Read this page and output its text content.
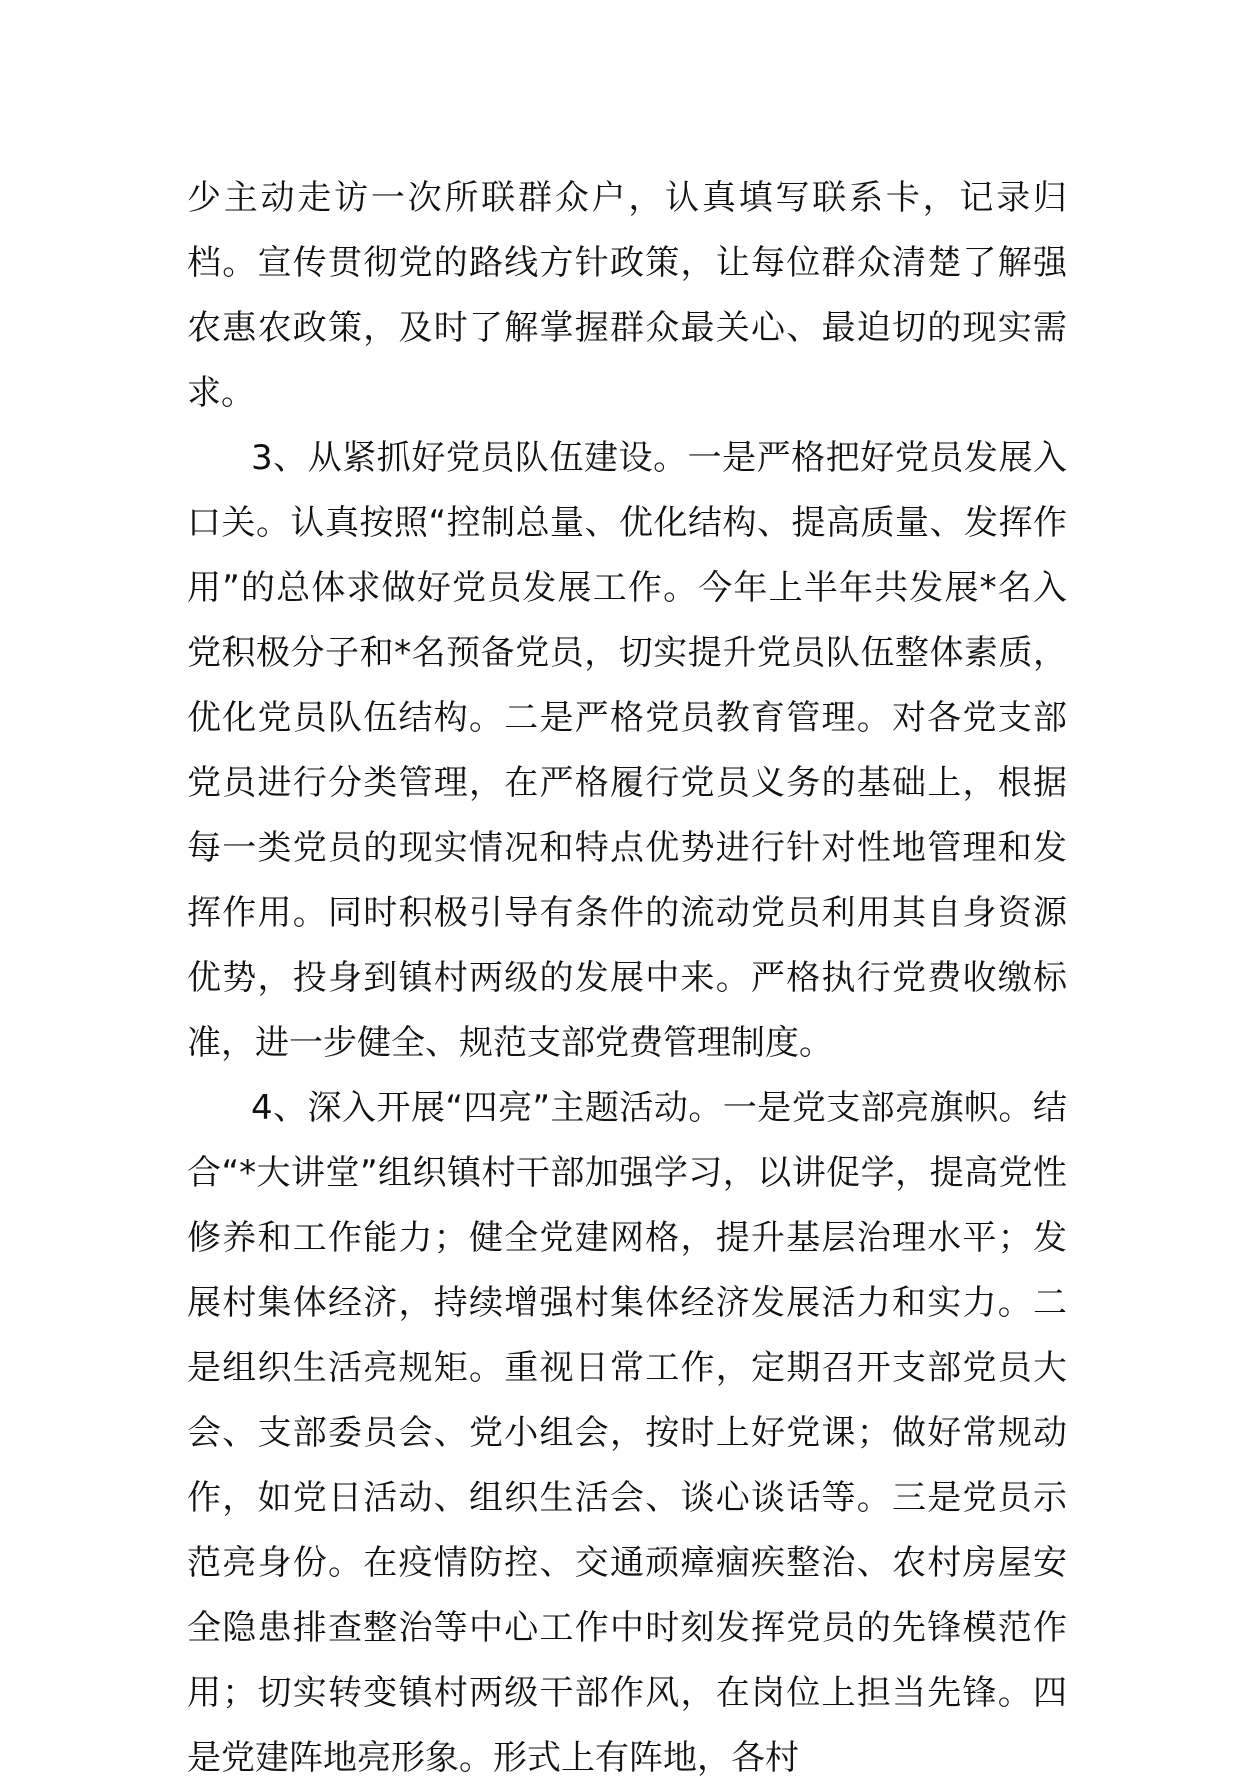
少主动走访一次所联群众户，认真填写联系卡，记录归档。宣传贯彻党的路线方针政策，让每位群众清楚了解强农惠农政策，及时了解掌握群众最关心、最迫切的现实需求。

3、从紧抓好党员队伍建设。一是严格把好党员发展入口关。认真按照“控制总量、优化结构、提高质量、发挥作用”的总体求做好党员发展工作。今年上半年共发展*名入党积极分子和*名预备党员，切实提升党员队伍整体素质，优化党员队伍结构。二是严格党员教育管理。对各党支部党员进行分类管理，在严格履行党员义务的基础上，根据每一类党员的现实情况和特点优势进行针对性地管理和发挥作用。同时积极引导有条件的流动党员利用其自身资源优势，投身到镇村两级的发展中来。严格执行党费收缴标准，进一步健全、规范支部党费管理制度。

4、深入开展“四亮”主题活动。一是党支部亮旗帜。结合“*大讲堂”组织镇村干部加强学习，以讲促学，提高党性修养和工作能力；健全党建网格，提升基层治理水平；发展村集体经济，持续增强村集体经济发展活力和实力。二是组织生活亮规矩。重视日常工作，定期召开支部党员大会、支部委员会、党小组会，按时上好党课；做好常规动作，如党日活动、组织生活会、谈心谈话等。三是党员示范亮身份。在疫情防控、交通顽瘴痼疾整治、农村房屋安全隐患排查整治等中心工作中时刻发挥党员的先锋模范作用；切实转变镇村两级干部作风，在岗位上担当先锋。四是党建阵地亮形象。形式上有阵地，各村
